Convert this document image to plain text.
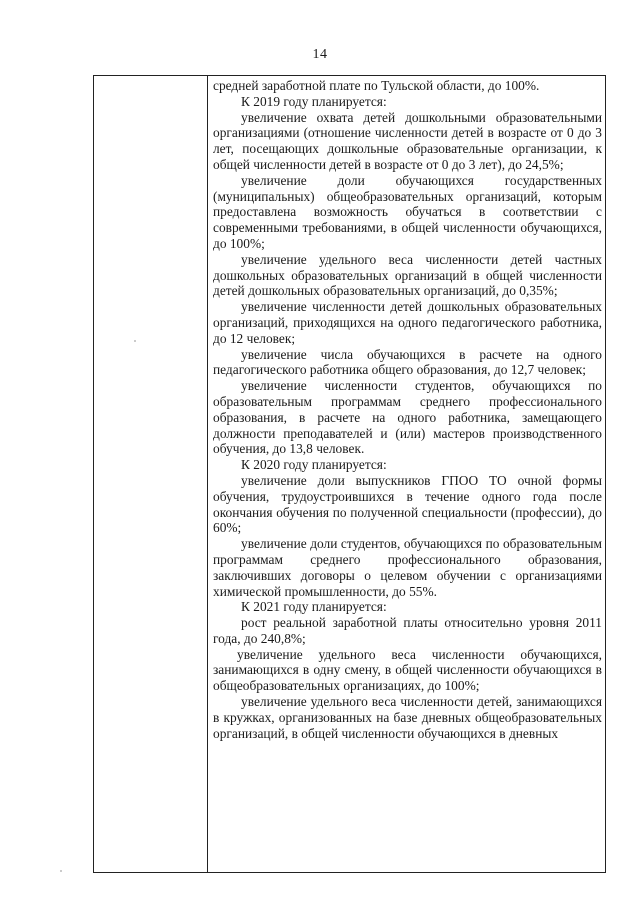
14

средней заработной плате по Тульской области, до 100%.

К 2019 году планируется:

увеличение охвата детей дошкольными образовательными организациями (отношение численности детей в возрасте от 0 до 3 лет, посещающих дошкольные образовательные организации, к общей численности детей в возрасте от 0 до 3 лет), до 24,5%;

увеличение доли обучающихся государственных (муниципальных) общеобразовательных организаций, которым предоставлена возможность обучаться в соответствии с современными требованиями, в общей численности обучающихся, до 100%;

увеличение удельного веса численности детей частных дошкольных образовательных организаций в общей численности детей дошкольных образовательных организаций, до 0,35%;

увеличение численности детей дошкольных образовательных организаций, приходящихся на одного педагогического работника, до 12 человек;

увеличение числа обучающихся в расчете на одного педагогического работника общего образования, до 12,7 человек;

увеличение численности студентов, обучающихся по образовательным программам среднего профессионального образования, в расчете на одного работника, замещающего должности преподавателей и (или) мастеров производственного обучения, до 13,8 человек.

К 2020 году планируется:

увеличение доли выпускников ГПОО ТО очной формы обучения, трудоустроившихся в течение одного года после окончания обучения по полученной специальности (профессии), до 60%;

увеличение доли студентов, обучающихся по образовательным программам среднего профессионального образования, заключивших договоры о целевом обучении с организациями химической промышленности, до 55%.

К 2021 году планируется:

рост реальной заработной платы относительно уровня 2011 года, до 240,8%;

увеличение удельного веса численности обучающихся, занимающихся в одну смену, в общей численности обучающихся в общеобразовательных организациях, до 100%;

увеличение удельного веса численности детей, занимающихся в кружках, организованных на базе дневных общеобразовательных организаций, в общей численности обучающихся в дневных
